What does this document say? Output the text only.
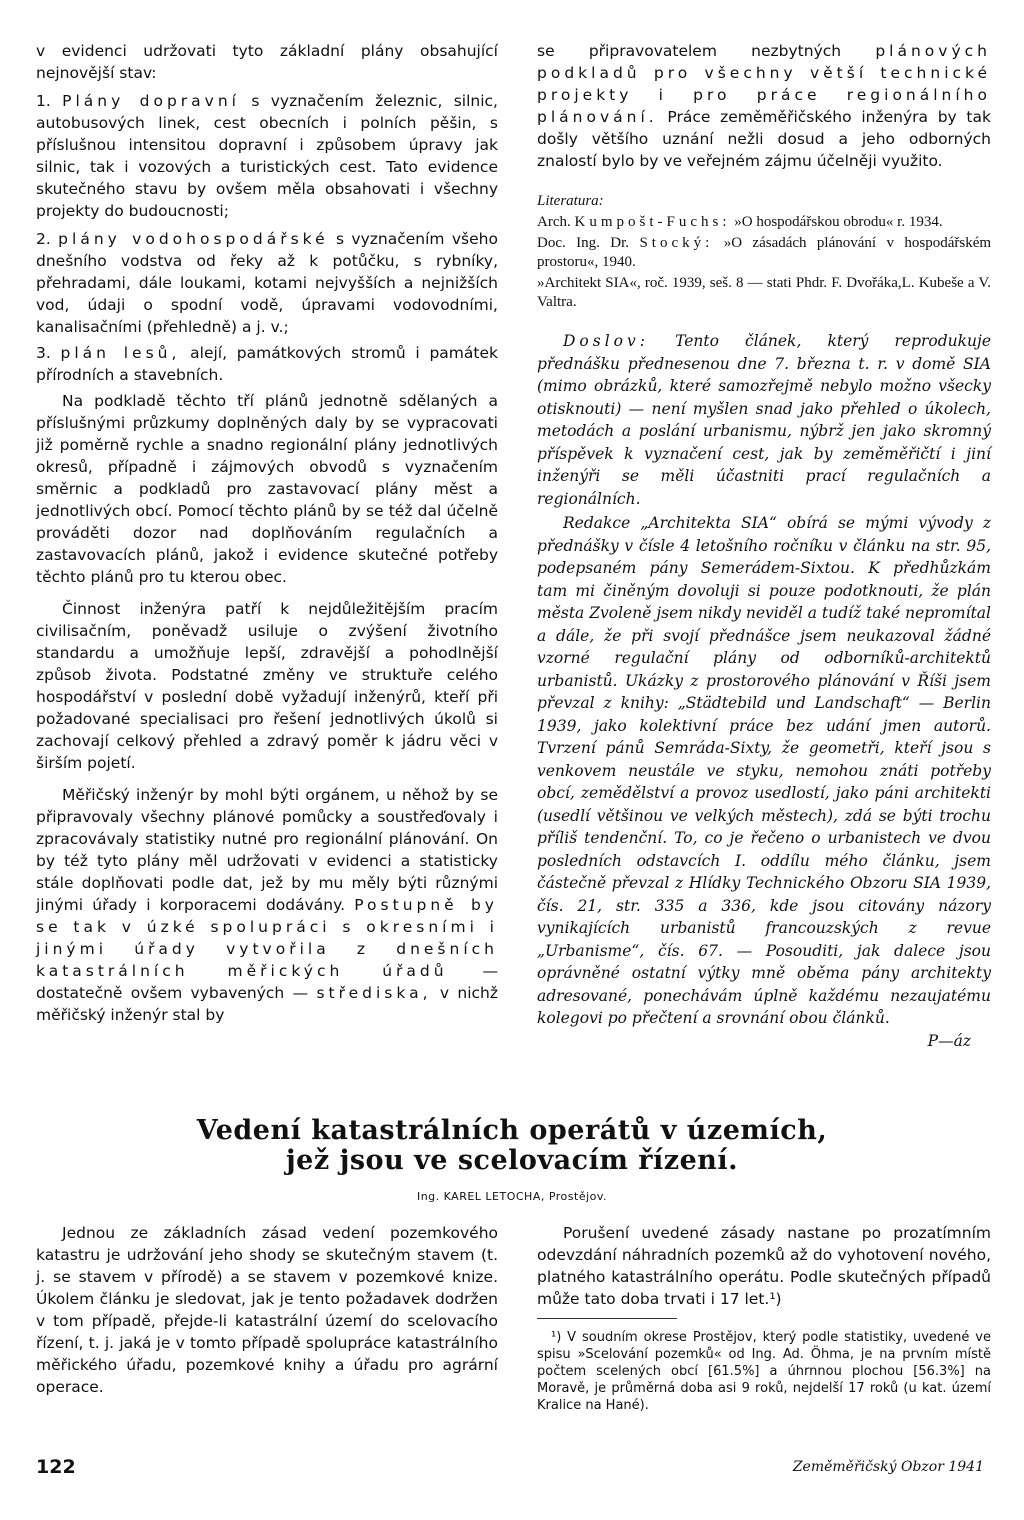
v evidenci udržovati tyto základní plány obsahující nejnovější stav:

1. Plány dopravní s vyznačením železnic, silnic, autobusových linek, cest obecních i polních pěšin, s příslušnou intensitou dopravní i způsobem úpravy jak silnic, tak i vozových a turistických cest. Tato evidence skutečného stavu by ovšem měla obsahovati i všechny projekty do budoucnosti;

2. plány vodohospodářské s vyznačením všeho dnešního vodstva od řeky až k potůčku, s rybníky, přehradami, dále loukami, kotami nejvyšších a nejnižších vod, údaji o spodní vodě, úpravami vodovodními, kanalisačními (přehledně) a j. v.;

3. plán lesů, alejí, památkových stromů i památek přírodních a stavebních.

Na podkladě těchto tří plánů jednotně sdělaných a příslušnými průzkumy doplněných daly by se vypracovati již poměrně rychle a snadno regionální plány jednotlivých okresů, případně i zájmových obvodů s vyznačením směrnic a podkladů pro zastavovací plány měst a jednotlivých obcí. Pomocí těchto plánů by se též dal účelně prováděti dozor nad doplňováním regulačních a zastavovacích plánů, jakož i evidence skutečné potřeby těchto plánů pro tu kterou obec.

Činnost inženýra patří k nejdůležitějším pracím civilisačním, poněvadž usiluje o zvýšení životního standardu a umožňuje lepší, zdravější a pohodlnější způsob života. Podstatné změny ve struktuře celého hospodářství v poslední době vyžadují inženýrů, kteří při požadované specialisaci pro řešení jednotlivých úkolů si zachovají celkový přehled a zdravý poměr k jádru věci v širším pojetí.

Měřičský inženýr by mohl býti orgánem, u něhož by se připravovaly všechny plánové pomůcky a soustřeďovaly i zpracovávaly statistiky nutné pro regionální plánování. On by též tyto plány měl udržovati v evidenci a statisticky stále doplňovati podle dat, jež by mu měly býti různými jinými úřady i korporacemi dodávány. Postupně by se tak v úzké spolupráci s okresními i jinými úřady vytvořila z dnešních katastrálních měřických úřadů — dostatečně ovšem vybavených — střediska, v nichž měřičský inženýr stal by

se připravovatelem nezbytných plánových podkladů pro všechny větší technické projekty i pro práce regionálního plánování. Práce zeměměřičského inženýra by tak došly většího uznání nežli dosud a jeho odborných znalostí bylo by ve veřejném zájmu účelněji využito.

Literatura:

Arch. Kumpošt-Fuchs: »O hospodářskou obrodu« r. 1934.

Doc. Ing. Dr. Stocký: »O zásadách plánování v hospodářském prostoru«, 1940.

»Architekt SIA«, roč. 1939, seš. 8 — stati Phdr. F. Dvořáka,L. Kubeše a V. Valtra.

Doslov: Tento článek, který reprodukuje přednášku přednesenou dne 7. března t. r. v domě SIA (mimo obrázků, které samozřejmě nebylo možno všecky otisknouti) — není myšlen snad jako přehled o úkolech, metodách a poslání urbanismu, nýbrž jen jako skromný příspěvek k vyznačení cest, jak by zeměměřičtí i jiní inženýři se měli účastniti prací regulačních a regionálních.

Redakce „Architekta SIA“ obírá se mými vývody z přednášky v čísle 4 letošního ročníku v článku na str. 95, podepsaném pány Semerádem-Sixtou. K předhůzkám tam mi činěným dovoluji si pouze podotknouti, že plán města Zvoleně jsem nikdy neviděl a tudíž také nepromítal a dále, že při svojí přednášce jsem neukazoval žádné vzorné regulační plány od odborníků-architektů urbanistů. Ukázky z prostorového plánování v Říši jsem převzal z knihy: „Städtebild und Landschaft“ — Berlin 1939, jako kolektivní práce bez udání jmen autorů. Tvrzení pánů Semráda-Sixty, že geometři, kteří jsou s venkovem neustále ve styku, nemohou znáti potřeby obcí, zemědělství a provoz usedlostí, jako páni architekti (usedlí většinou ve velkých městech), zdá se býti trochu příliš tendenční. To, co je řečeno o urbanistech ve dvou posledních odstavcích I. oddílu mého článku, jsem částečně převzal z Hlídky Technického Obzoru SIA 1939, čís. 21, str. 335 a 336, kde jsou citovány názory vynikajících urbanistů francouzských z revue „Urbanisme“, čís. 67. — Posouditi, jak dalece jsou oprávněné ostatní výtky mně oběma pány architekty adresované, ponechávám úplně každému nezaujatému kolegovi po přečtení a srovnání obou článků.

P—áz

Vedení katastrálních operátů v územích,
jež jsou ve scelovacím řízení.
Ing. KAREL LETOCHA, Prostějov.

Jednou ze základních zásad vedení pozemkového katastru je udržování jeho shody se skutečným stavem (t. j. se stavem v přírodě) a se stavem v pozemkové knize. Úkolem článku je sledovat, jak je tento požadavek dodržen v tom případě, přejde-li katastrální území do scelovacího řízení, t. j. jaká je v tomto případě spolupráce katastrálního měřického úřadu, pozemkové knihy a úřadu pro agrární operace.

Porušení uvedené zásady nastane po prozatímním odevzdání náhradních pozemků až do vyhotovení nového, platného katastrálního operátu. Podle skutečných případů může tato doba trvati i 17 let.¹)

¹) V soudním okrese Prostějov, který podle statistiky, uvedené ve spisu »Scelování pozemků« od Ing. Ad. Öhma, je na prvním místě počtem scelených obcí [61.5%] a úhrnnou plochou [56.3%] na Moravě, je průměrná doba asi 9 roků, nejdelší 17 roků (u kat. území Kralice na Hané).

122	Zeměměřičský Obzor 1941
